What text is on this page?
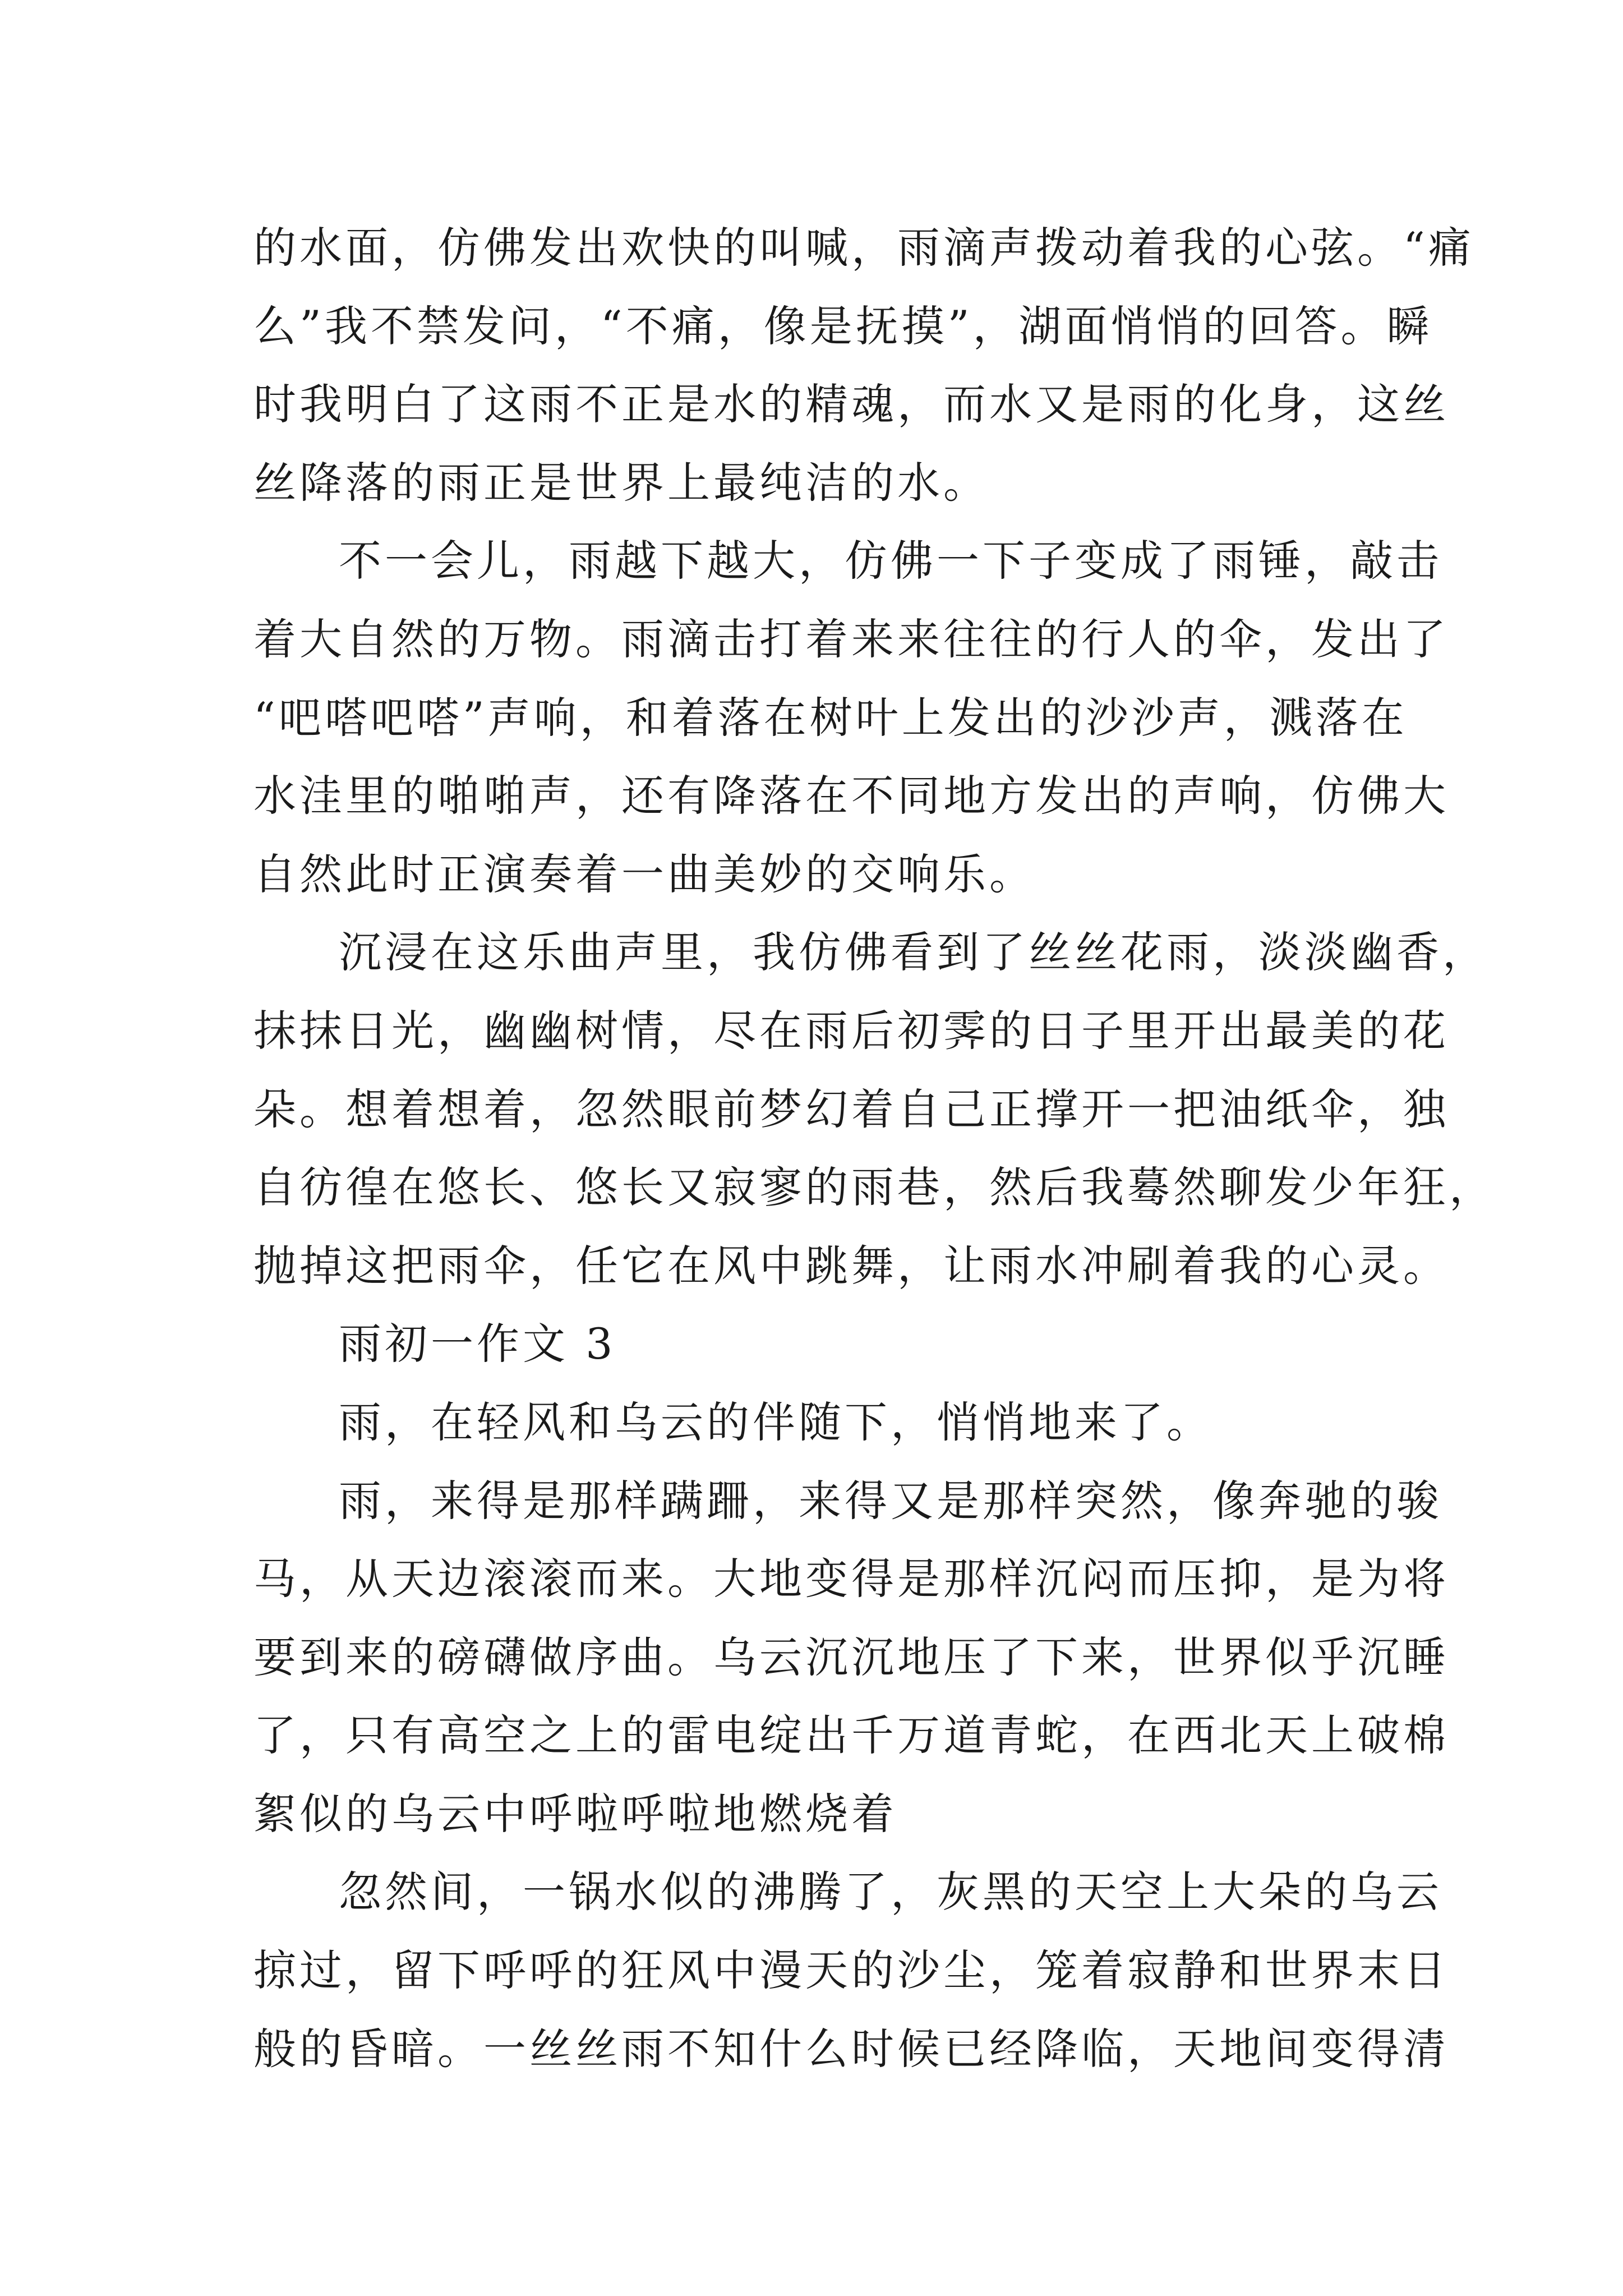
的水面，仿佛发出欢快的叫喊，雨滴声拨动着我的心弦。“痛
么”我不禁发问，“不痛，像是抚摸”，湖面悄悄的回答。瞬
时我明白了这雨不正是水的精魂，而水又是雨的化身，这丝
丝降落的雨正是世界上最纯洁的水。
不一会儿，雨越下越大，仿佛一下子变成了雨锤，敲击
着大自然的万物。雨滴击打着来来往往的行人的伞，发出了
“吧嗒吧嗒”声响，和着落在树叶上发出的沙沙声，溅落在
水洼里的啪啪声，还有降落在不同地方发出的声响，仿佛大
自然此时正演奏着一曲美妙的交响乐。
沉浸在这乐曲声里，我仿佛看到了丝丝花雨，淡淡幽香，
抹抹日光，幽幽树情，尽在雨后初霁的日子里开出最美的花
朵。想着想着，忽然眼前梦幻着自己正撑开一把油纸伞，独
自彷徨在悠长、悠长又寂寥的雨巷，然后我蓦然聊发少年狂，
抛掉这把雨伞，任它在风中跳舞，让雨水冲刷着我的心灵。
雨初一作文 3
雨，在轻风和乌云的伴随下，悄悄地来了。
雨，来得是那样蹒跚，来得又是那样突然，像奔驰的骏
马，从天边滚滚而来。大地变得是那样沉闷而压抑，是为将
要到来的磅礴做序曲。乌云沉沉地压了下来，世界似乎沉睡
了，只有高空之上的雷电绽出千万道青蛇，在西北天上破棉
絮似的乌云中呼啦呼啦地燃烧着
忽然间，一锅水似的沸腾了，灰黑的天空上大朵的乌云
掠过，留下呼呼的狂风中漫天的沙尘，笼着寂静和世界末日
般的昏暗。一丝丝雨不知什么时候已经降临，天地间变得清
